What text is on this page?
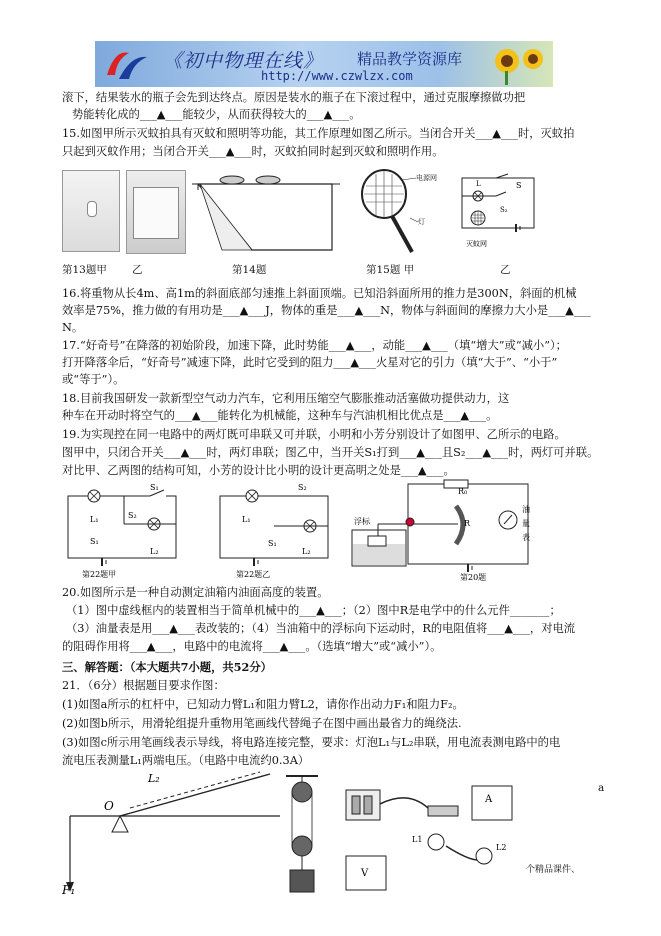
《初中物理在线》 精品教学资源库
http://www.czwlzx.com
滚下，结果装水的瓶子会先到达终点。原因是装水的瓶子在下滚过程中，通过克服摩擦做功把
势能转化成的___▲___能较少，从而获得较大的___▲___。
15.如图甲所示灭蚊拍具有灭蚊和照明等功能，其工作原理如图乙所示。当闭合开关___▲___时，灭蚊拍
只起到灭蚊作用；当闭合开关___▲___时，灭蚊拍同时起到灭蚊和照明作用。
电源网
灯
L	S
S₂
灭蚊网
第13题甲 乙	第14题	第15题 甲	乙
16.将重物从长4m、高1m的斜面底部匀速推上斜面顶端。已知沿斜面所用的推力是300N，斜面的机械
效率是75%，推力做的有用功是___▲___J，物体的重是___▲___N，物体与斜面间的摩擦力大小是___▲___
N。
17.“好奇号”在降落的初始阶段，加速下降，此时势能___▲___，动能___▲___（填“增大”或“减小”）；
打开降落伞后，“好奇号”减速下降，此时它受到的阻力___▲___火星对它的引力（填“大于”、“小于”
或“等于”）。
18.目前我国研发一款新型空气动力汽车，它利用压缩空气膨胀推动活塞做功提供动力，这
种车在开动时将空气的___▲___能转化为机械能，这种车与汽油机相比优点是___▲___。
19.为实现控在同一电路中的两灯既可串联又可并联，小明和小芳分别设计了如图甲、乙所示的电路。
图甲中，只闭合开关___▲___时，两灯串联；图乙中，当开关S₁打到___▲___且S₂___▲___时，两灯可并联。
对比甲、乙两图的结构可知，小芳的设计比小明的设计更高明之处是___▲___。
S₁
S₂
L₁
S₁
L₂
第22题甲
S₂
L₁
S₁
L₂
第22题乙
R₀
油
量
表
浮标	R
第20题
20.如图所示是一种自动测定油箱内油面高度的装置。
（1）图中虚线框内的装置相当于简单机械中的___▲___；（2）图中R是电学中的什么元件_______；
（3）油量表是用___▲___表改装的；（4）当油箱中的浮标向下运动时，R的电阻值将___▲___，对电流
的阻碍作用将___▲___，电路中的电流将___▲___。（选填“增大”或“减小”）。
三、解答题：（本大题共7小题，共52分）
21．（6分）根据题目要求作图：
(1)如图a所示的杠杆中，已知动力臂L₁和阻力臂L2，请你作出动力F₁和阻力F₂。
(2)如图b所示，用滑轮组提升重物用笔画线代替绳子在图中画出最省力的绳绕法.
(3)如图c所示用笔画线表示导线，将电路连接完整，要求：灯泡L₁与L₂串联，用电流表测电路中的电
流电压表测量L₁两端电压。（电路中电流约0.3A）
O
L₂
F₁
A
L1
L2
V
a
个精品课件、
